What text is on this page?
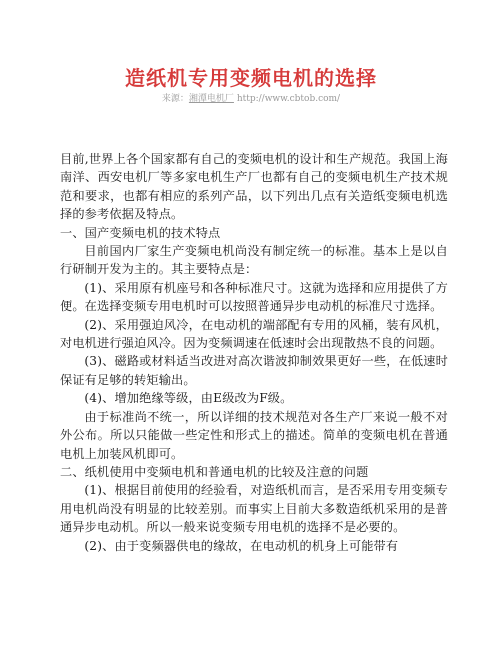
造纸机专用变频电机的选择
来源：湘潭电机厂 http://www.cbtob.com/

目前,世界上各个国家都有自己的变频电机的设计和生产规范。我国上海南洋、西安电机厂等多家电机生产厂也都有自己的变频电机生产技术规范和要求，也都有相应的系列产品，以下列出几点有关造纸变频电机选择的参考依据及特点。

一、国产变频电机的技术特点

目前国内厂家生产变频电机尚没有制定统一的标准。基本上是以自行研制开发为主的。其主要特点是：

(1)、采用原有机座号和各种标准尺寸。这就为选择和应用提供了方便。在选择变频专用电机时可以按照普通异步电动机的标准尺寸选择。

(2)、采用强迫风冷，在电动机的端部配有专用的风桶，装有风机，对电机进行强迫风冷。因为变频调速在低速时会出现散热不良的问题。

(3)、磁路或材料适当改进对高次谐波抑制效果更好一些，在低速时保证有足够的转矩输出。

(4)、增加绝缘等级，由E级改为F级。

由于标准尚不统一，所以详细的技术规范对各生产厂来说一般不对外公布。所以只能做一些定性和形式上的描述。简单的变频电机在普通电机上加装风机即可。

二、纸机使用中变频电机和普通电机的比较及注意的问题

(1)、根据目前使用的经验看，对造纸机而言，是否采用专用变频专用电机尚没有明显的比较差别。而事实上目前大多数造纸机采用的是普通异步电动机。所以一般来说变频专用电机的选择不是必要的。

(2)、由于变频器供电的缘故，在电动机的机身上可能带有
